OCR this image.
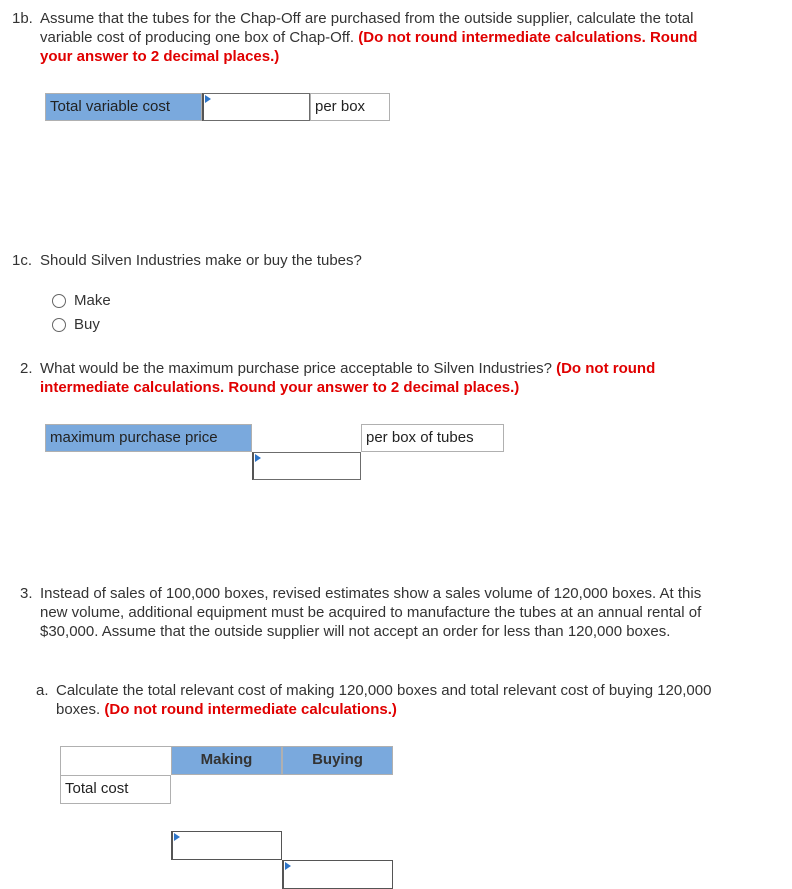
1b. Assume that the tubes for the Chap-Off are purchased from the outside supplier, calculate the total
variable cost of producing one box of Chap-Off. (Do not round intermediate calculations. Round
your answer to 2 decimal places.)
Total variable cost	per box
1c. Should Silven Industries make or buy the tubes?
Make
Buy
2. What would be the maximum purchase price acceptable to Silven Industries? (Do not round
intermediate calculations. Round your answer to 2 decimal places.)
maximum purchase price	per box of tubes
3. Instead of sales of 100,000 boxes, revised estimates show a sales volume of 120,000 boxes. At this
new volume, additional equipment must be acquired to manufacture the tubes at an annual rental of
$30,000. Assume that the outside supplier will not accept an order for less than 120,000 boxes.
a. Calculate the total relevant cost of making 120,000 boxes and total relevant cost of buying 120,000
boxes. (Do not round intermediate calculations.)
Making	Buying
Total cost
